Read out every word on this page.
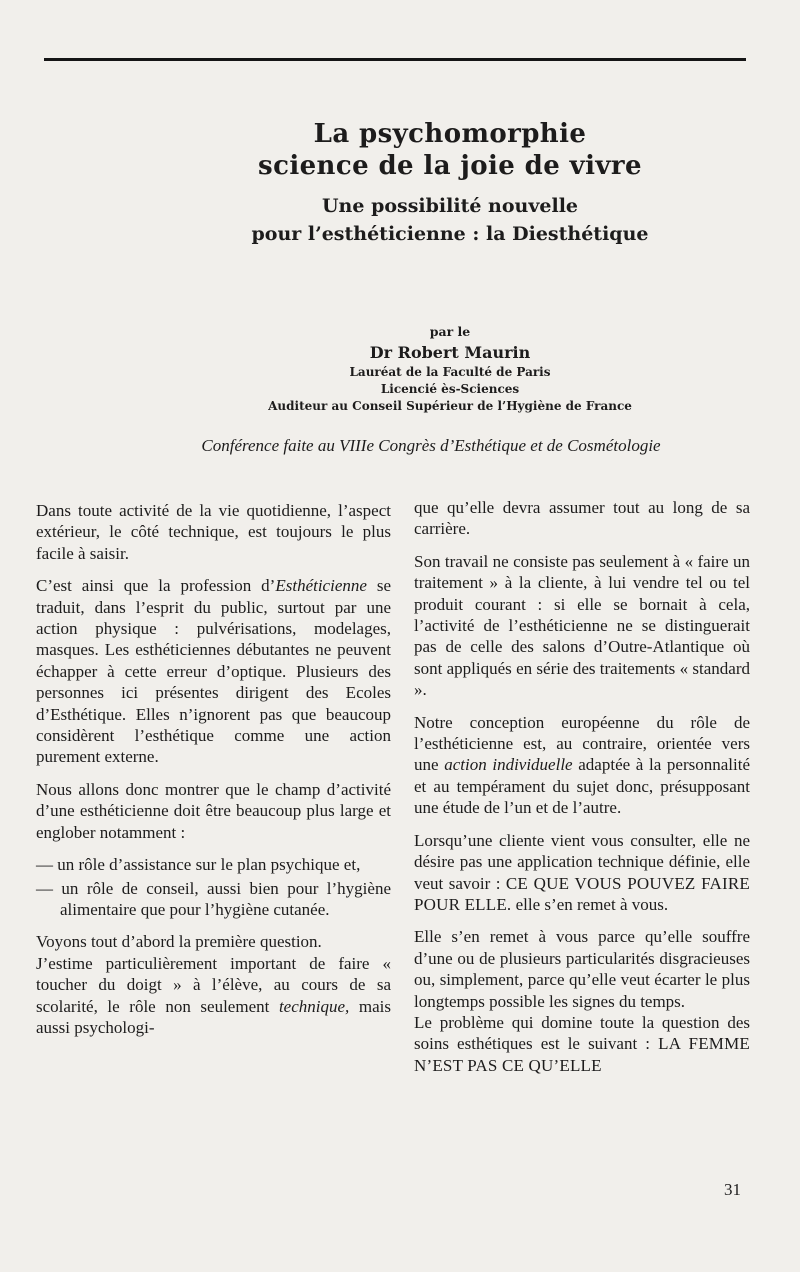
La psychomorphie

science de la joie de vivre

Une possibilité nouvelle

pour l’esthéticienne : la Diesthétique

par le
Dr Robert Maurin
Lauréat de la Faculté de Paris
Licencié ès-Sciences
Auditeur au Conseil Supérieur de l’Hygiène de France
Conférence faite au VIIIe Congrès d’Esthétique et de Cosmétologie

Dans toute activité de la vie quotidienne, l’aspect extérieur, le côté technique, est toujours le plus facile à saisir.

C’est ainsi que la profession d’Esthéticienne se traduit, dans l’esprit du public, surtout par une action physique : pulvérisations, modelages, masques. Les esthéticiennes débutantes ne peuvent échapper à cette erreur d’optique. Plusieurs des personnes ici présentes dirigent des Ecoles d’Esthétique. Elles n’ignorent pas que beaucoup considèrent l’esthétique comme une action purement externe.

Nous allons donc montrer que le champ d’activité d’une esthéticienne doit être beaucoup plus large et englober notamment :

— un rôle d’assistance sur le plan psychique et,

— un rôle de conseil, aussi bien pour l’hygiène alimentaire que pour l’hygiène cutanée.

Voyons tout d’abord la première question.

J’estime particulièrement important de faire « toucher du doigt » à l’élève, au cours de sa scolarité, le rôle non seulement technique, mais aussi psychologi-

que qu’elle devra assumer tout au long de sa carrière.

Son travail ne consiste pas seulement à « faire un traitement » à la cliente, à lui vendre tel ou tel produit courant : si elle se bornait à cela, l’activité de l’esthéticienne ne se distinguerait pas de celle des salons d’Outre-Atlantique où sont appliqués en série des traitements « standard ».

Notre conception européenne du rôle de l’esthéticienne est, au contraire, orientée vers une action individuelle adaptée à la personnalité et au tempérament du sujet donc, présupposant une étude de l’un et de l’autre.

Lorsqu’une cliente vient vous consulter, elle ne désire pas une application technique définie, elle veut savoir : CE QUE VOUS POUVEZ FAIRE POUR ELLE. elle s’en remet à vous.

Elle s’en remet à vous parce qu’elle souffre d’une ou de plusieurs particularités disgracieuses ou, simplement, parce qu’elle veut écarter le plus longtemps possible les signes du temps.

Le problème qui domine toute la question des soins esthétiques est le suivant : LA FEMME N’EST PAS CE QU’ELLE

31
